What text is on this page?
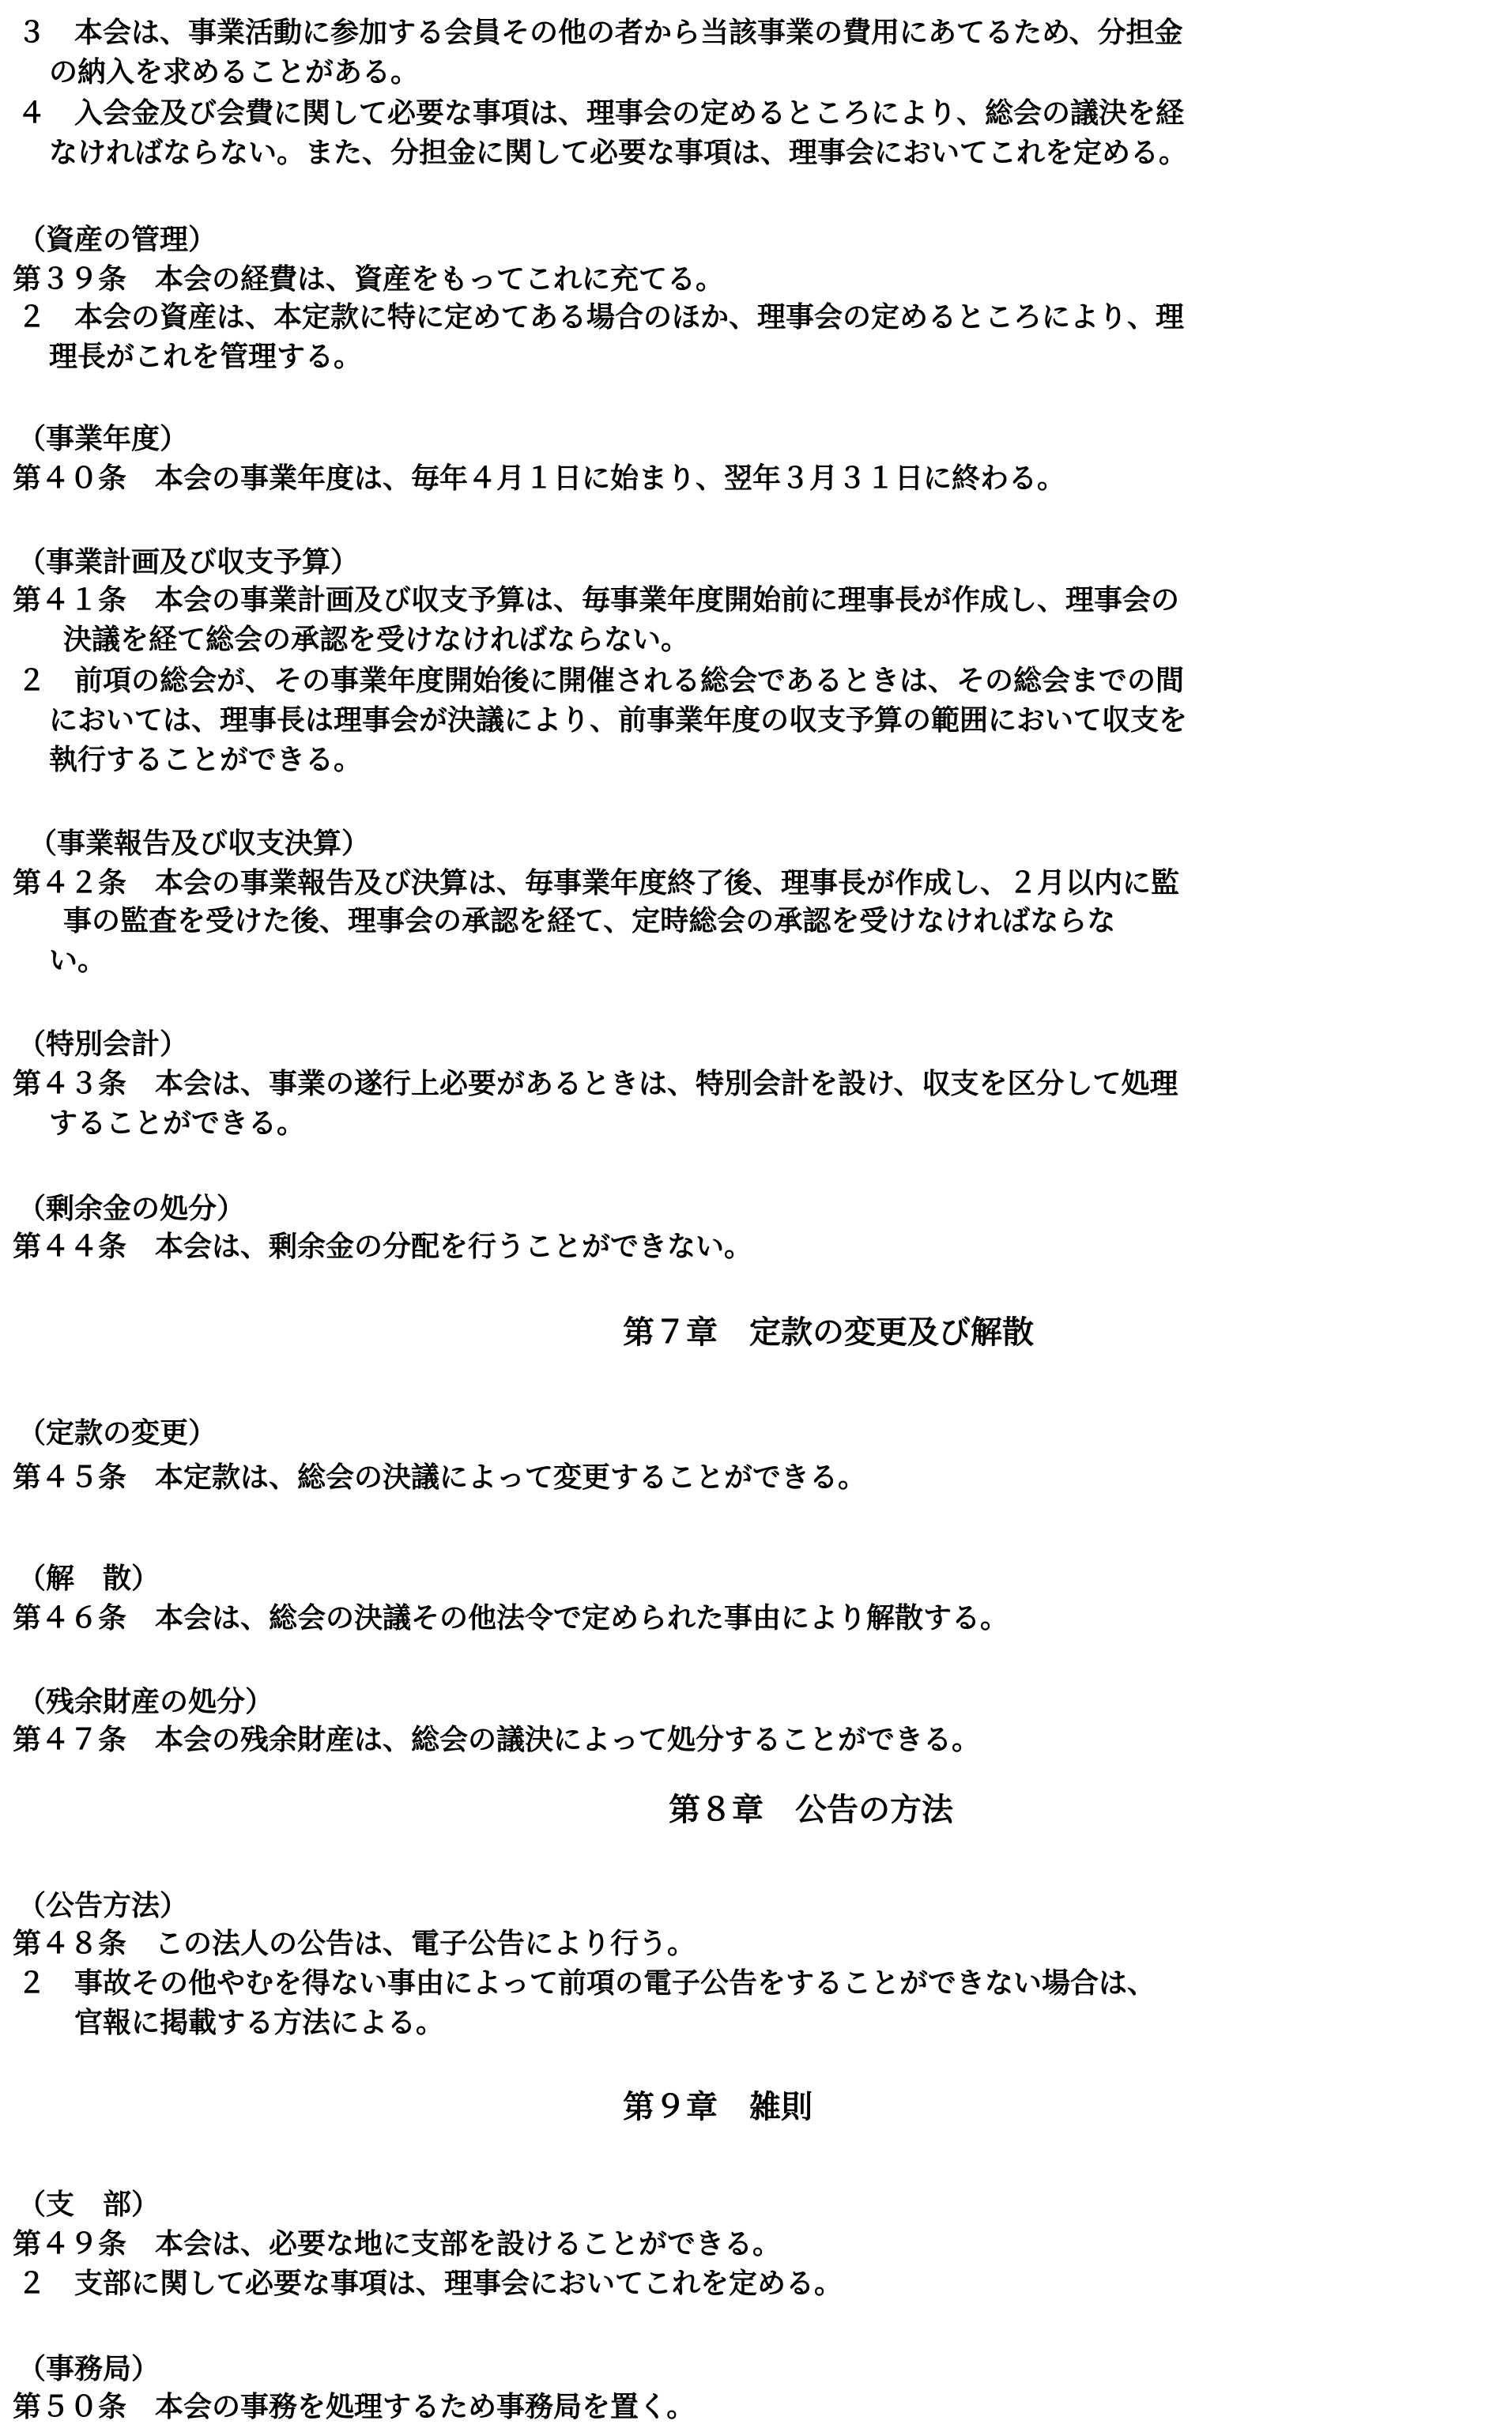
３　本会は、事業活動に参加する会員その他の者から当該事業の費用にあてるため、分担金
の納入を求めることがある。
４　入会金及び会費に関して必要な事項は、理事会の定めるところにより、総会の議決を経
なければならない。また、分担金に関して必要な事項は、理事会においてこれを定める。
（資産の管理）
第３９条　本会の経費は、資産をもってこれに充てる。
２　本会の資産は、本定款に特に定めてある場合のほか、理事会の定めるところにより、理
理長がこれを管理する。
（事業年度）
第４０条　本会の事業年度は、毎年４月１日に始まり、翌年３月３１日に終わる。
（事業計画及び収支予算）
第４１条　本会の事業計画及び収支予算は、毎事業年度開始前に理事長が作成し、理事会の
決議を経て総会の承認を受けなければならない。
２　前項の総会が、その事業年度開始後に開催される総会であるときは、その総会までの間
においては、理事長は理事会が決議により、前事業年度の収支予算の範囲において収支を
執行することができる。
（事業報告及び収支決算）
第４２条　本会の事業報告及び決算は、毎事業年度終了後、理事長が作成し、２月以内に監
事の監査を受けた後、理事会の承認を経て、定時総会の承認を受けなければならな
い。
（特別会計）
第４３条　本会は、事業の遂行上必要があるときは、特別会計を設け、収支を区分して処理
することができる。
（剰余金の処分）
第４４条　本会は、剰余金の分配を行うことができない。
第７章　定款の変更及び解散
（定款の変更）
第４５条　本定款は、総会の決議によって変更することができる。
（解　散）
第４６条　本会は、総会の決議その他法令で定められた事由により解散する。
（残余財産の処分）
第４７条　本会の残余財産は、総会の議決によって処分することができる。
第８章　公告の方法
（公告方法）
第４８条　この法人の公告は、電子公告により行う。
２　事故その他やむを得ない事由によって前項の電子公告をすることができない場合は、
官報に掲載する方法による。
第９章　雑則
（支　部）
第４９条　本会は、必要な地に支部を設けることができる。
２　支部に関して必要な事項は、理事会においてこれを定める。
（事務局）
第５０条　本会の事務を処理するため事務局を置く。
